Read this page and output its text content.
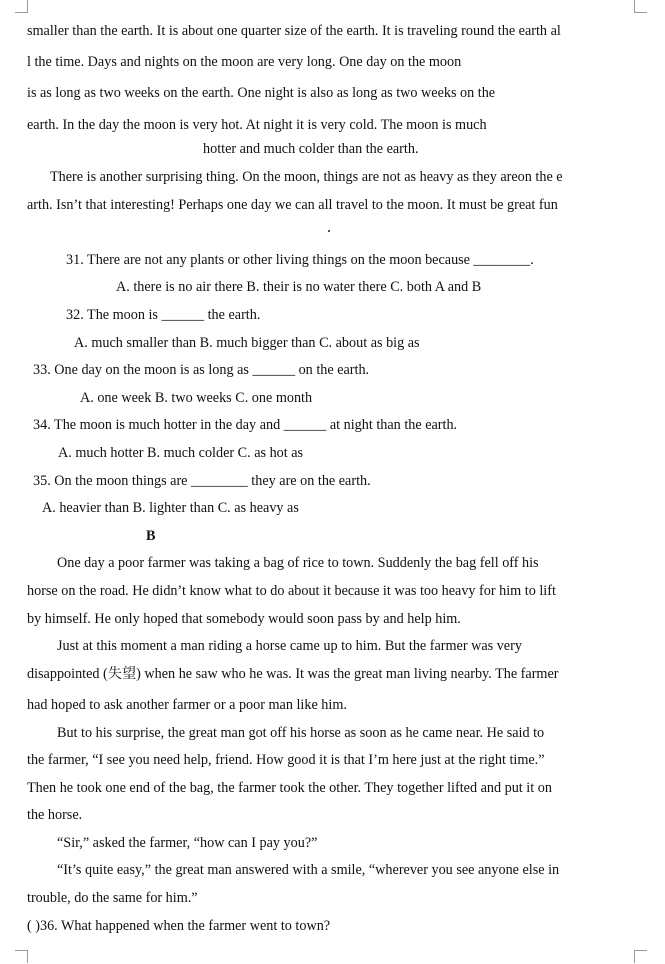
smaller than the earth. It is about one quarter size of the earth. It is traveling round the earth al
l the time. Days and nights on the moon are very long. One day on the moon
is as long as two weeks on the earth. One night is also as long as two weeks on the
earth. In the day the moon is very hot. At night it is very cold. The moon is much
hotter and much colder than the earth.
There is another surprising thing. On the moon, things are not as heavy as they areon the e
arth. Isn’t that interesting! Perhaps one day we can all travel to the moon. It must be great fun
31. There are not any plants or other living things on the moon because ________.
A. there is no air there B. their is no water there C. both A and B
32. The moon is ______ the earth.
A. much smaller than B. much bigger than C. about as big as
33. One day on the moon is as long as ______ on the earth.
A. one week B. two weeks C. one month
34. The moon is much hotter in the day and ______ at night than the earth.
A. much hotter B. much colder C. as hot as
35. On the moon things are ________ they are on the earth.
A. heavier than B. lighter than C. as heavy as
B
One day a poor farmer was taking a bag of rice to town. Suddenly the bag fell off his
horse on the road. He didn’t know what to do about it because it was too heavy for him to lift
by himself. He only hoped that somebody would soon pass by and help him.
Just at this moment a man riding a horse came up to him. But the farmer was very
disappointed (失望) when he saw who he was. It was the great man living nearby. The farmer
had hoped to ask another farmer or a poor man like him.
But to his surprise, the great man got off his horse as soon as he came near. He said to
the farmer, “I see you need help, friend. How good it is that I’m here just at the right time.”
Then he took one end of the bag, the farmer took the other. They together lifted and put it on
the horse.
“Sir,” asked the farmer, “how can I pay you?”
“It’s quite easy,” the great man answered with a smile, “wherever you see anyone else in
trouble, do the same for him.”
( )36. What happened when the farmer went to town?
